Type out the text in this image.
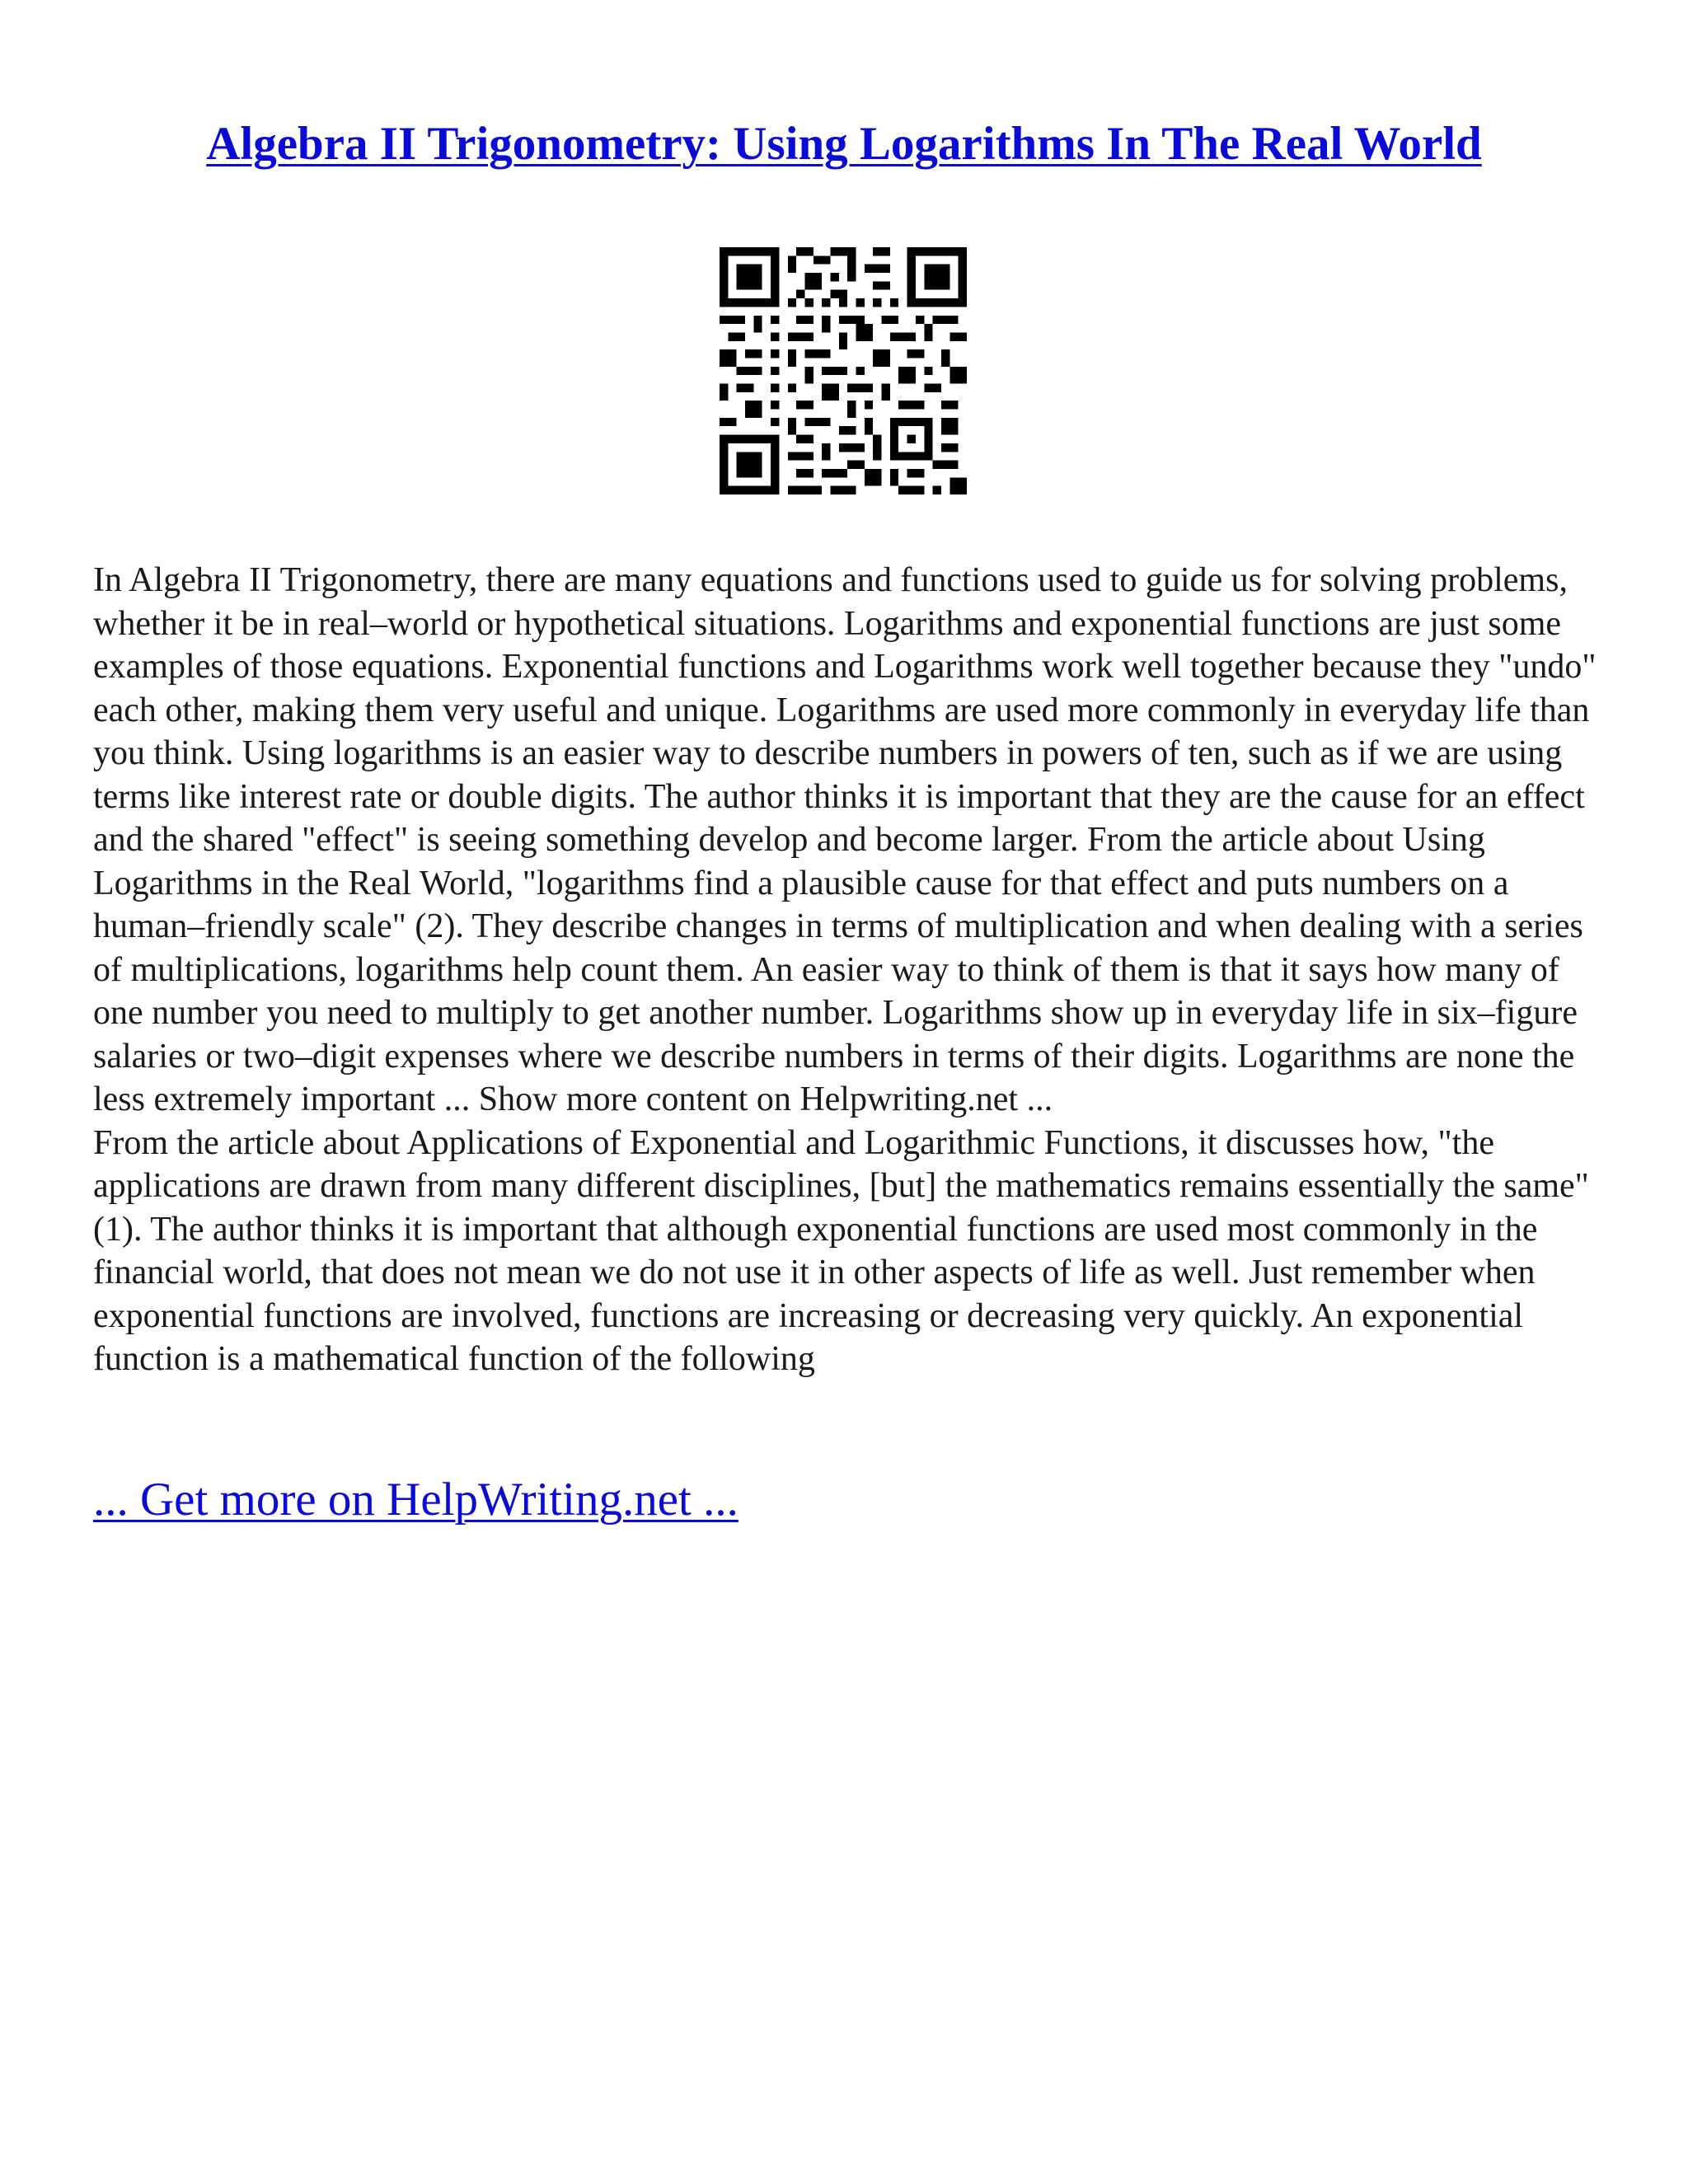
Algebra II Trigonometry: Using Logarithms In The Real World

In Algebra II Trigonometry, there are many equations and functions used to guide us for solving problems, whether it be in real–world or hypothetical situations. Logarithms and exponential functions are just some examples of those equations. Exponential functions and Logarithms work well together because they "undo" each other, making them very useful and unique. Logarithms are used more commonly in everyday life than you think. Using logarithms is an easier way to describe numbers in powers of ten, such as if we are using terms like interest rate or double digits. The author thinks it is important that they are the cause for an effect and the shared "effect" is seeing something develop and become larger. From the article about Using Logarithms in the Real World, "logarithms find a plausible cause for that effect and puts numbers on a human–friendly scale" (2). They describe changes in terms of multiplication and when dealing with a series of multiplications, logarithms help count them. An easier way to think of them is that it says how many of one number you need to multiply to get another number. Logarithms show up in everyday life in six–figure salaries or two–digit expenses where we describe numbers in terms of their digits. Logarithms are none the less extremely important ... Show more content on Helpwriting.net ...

From the article about Applications of Exponential and Logarithmic Functions, it discusses how, "the applications are drawn from many different disciplines, [but] the mathematics remains essentially the same" (1). The author thinks it is important that although exponential functions are used most commonly in the financial world, that does not mean we do not use it in other aspects of life as well. Just remember when exponential functions are involved, functions are increasing or decreasing very quickly. An exponential function is a mathematical function of the following

... Get more on HelpWriting.net ...
